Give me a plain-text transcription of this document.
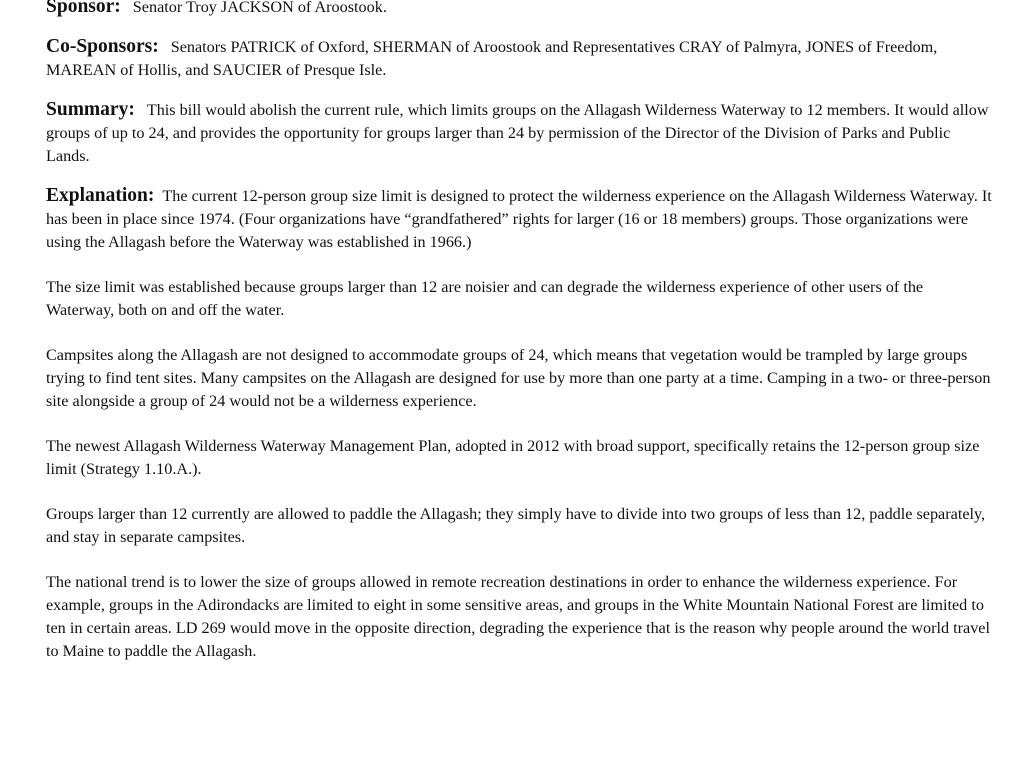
Sponsor: Senator Troy JACKSON of Aroostook.

Co-Sponsors: Senators PATRICK of Oxford, SHERMAN of Aroostook and Representatives CRAY of Palmyra, JONES of Freedom, MAREAN of Hollis, and SAUCIER of Presque Isle.

Summary: This bill would abolish the current rule, which limits groups on the Allagash Wilderness Waterway to 12 members. It would allow groups of up to 24, and provides the opportunity for groups larger than 24 by permission of the Director of the Division of Parks and Public Lands.

Explanation: The current 12-person group size limit is designed to protect the wilderness experience on the Allagash Wilderness Waterway. It has been in place since 1974. (Four organizations have “grandfathered” rights for larger (16 or 18 members) groups. Those organizations were using the Allagash before the Waterway was established in 1966.)

The size limit was established because groups larger than 12 are noisier and can degrade the wilderness experience of other users of the Waterway, both on and off the water.

Campsites along the Allagash are not designed to accommodate groups of 24, which means that vegetation would be trampled by large groups trying to find tent sites. Many campsites on the Allagash are designed for use by more than one party at a time. Camping in a two- or three-person site alongside a group of 24 would not be a wilderness experience.

The newest Allagash Wilderness Waterway Management Plan, adopted in 2012 with broad support, specifically retains the 12-person group size limit (Strategy 1.10.A.).

Groups larger than 12 currently are allowed to paddle the Allagash; they simply have to divide into two groups of less than 12, paddle separately, and stay in separate campsites.

The national trend is to lower the size of groups allowed in remote recreation destinations in order to enhance the wilderness experience. For example, groups in the Adirondacks are limited to eight in some sensitive areas, and groups in the White Mountain National Forest are limited to ten in certain areas. LD 269 would move in the opposite direction, degrading the experience that is the reason why people around the world travel to Maine to paddle the Allagash.
